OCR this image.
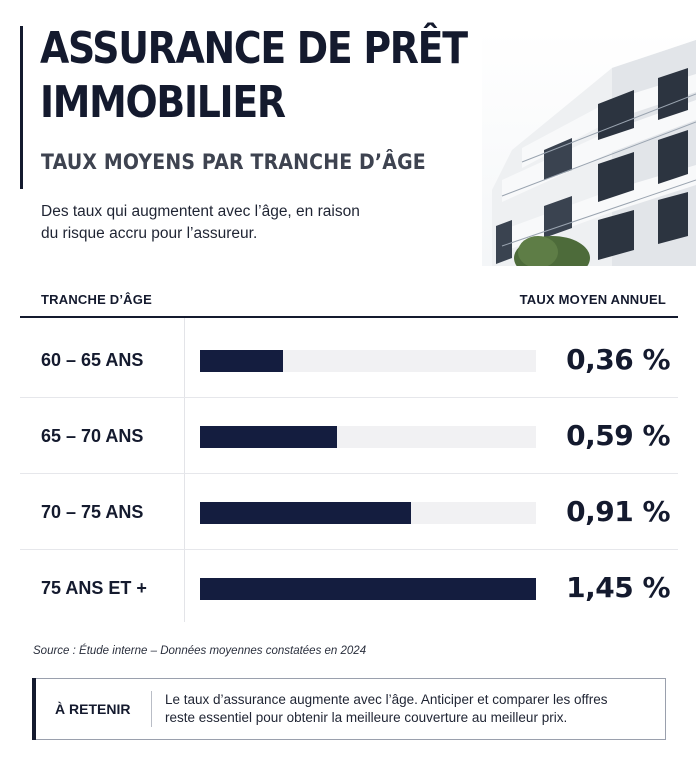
ASSURANCE DE PRÊT
IMMOBILIER
TAUX MOYENS PAR TRANCHE D’ÂGE

Des taux qui augmentent avec l’âge, en raison
du risque accru pour l’assureur.

TRANCHE D’ÂGE	TAUX MOYEN ANNUEL
60 – 65 ANS	0,36 %
65 – 70 ANS	0,59 %
70 – 75 ANS	0,91 %
75 ANS ET +	1,45 %

Source : Étude interne – Données moyennes constatées en 2024

À RETENIR
Le taux d’assurance augmente avec l’âge. Anticiper et comparer les offres
reste essentiel pour obtenir la meilleure couverture au meilleur prix.
